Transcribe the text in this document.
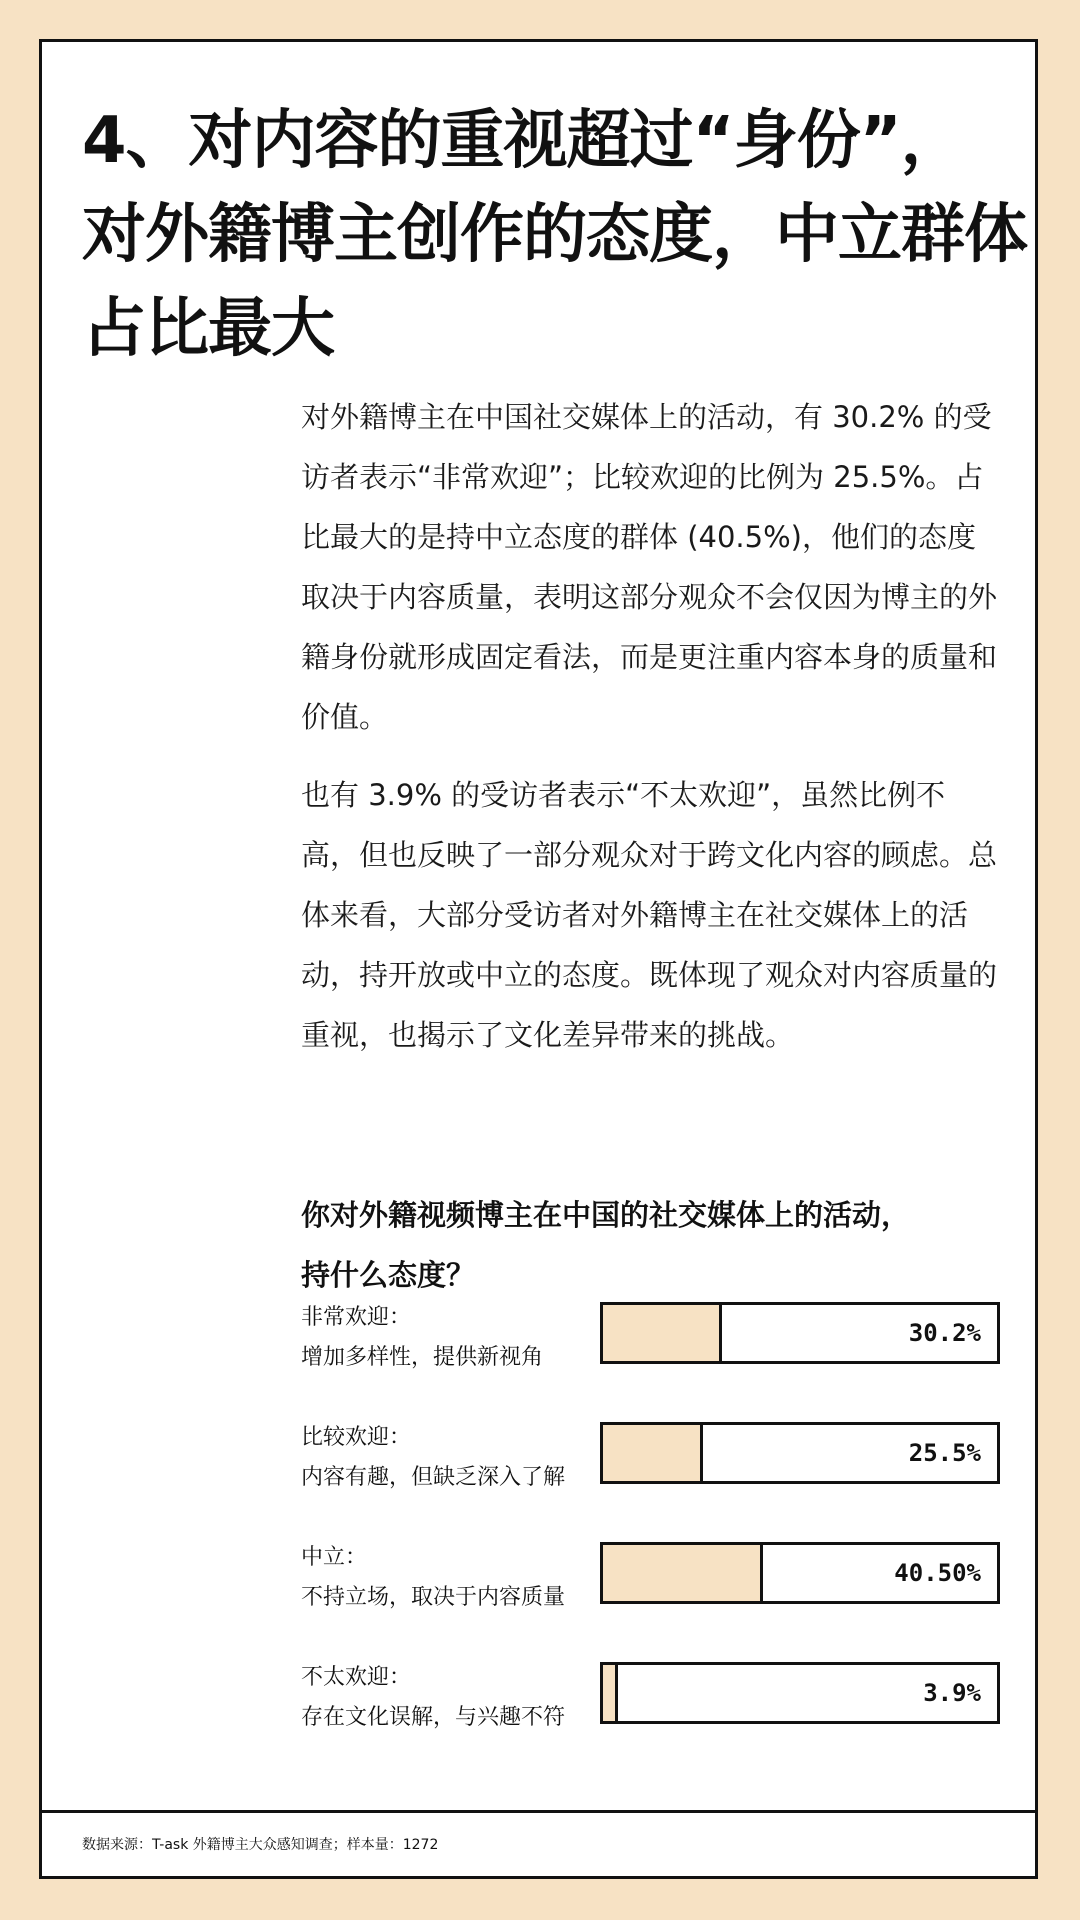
4、对内容的重视超过“身份”，
对外籍博主创作的态度，中立群体
占比最大

对外籍博主在中国社交媒体上的活动，有 30.2% 的受访者表示“非常欢迎”；比较欢迎的比例为 25.5%。占比最大的是持中立态度的群体 (40.5%)，他们的态度取决于内容质量，表明这部分观众不会仅因为博主的外籍身份就形成固定看法，而是更注重内容本身的质量和价值。

也有 3.9% 的受访者表示“不太欢迎”，虽然比例不高，但也反映了一部分观众对于跨文化内容的顾虑。总体来看，大部分受访者对外籍博主在社交媒体上的活动，持开放或中立的态度。既体现了观众对内容质量的重视，也揭示了文化差异带来的挑战。

你对外籍视频博主在中国的社交媒体上的活动，
持什么态度？
非常欢迎：
增加多样性，提供新视角
30.2%
比较欢迎：
内容有趣，但缺乏深入了解
25.5%
中立：
不持立场，取决于内容质量
40.50%
不太欢迎：
存在文化误解，与兴趣不符
3.9%
数据来源：T-ask 外籍博主大众感知调查；样本量：1272
